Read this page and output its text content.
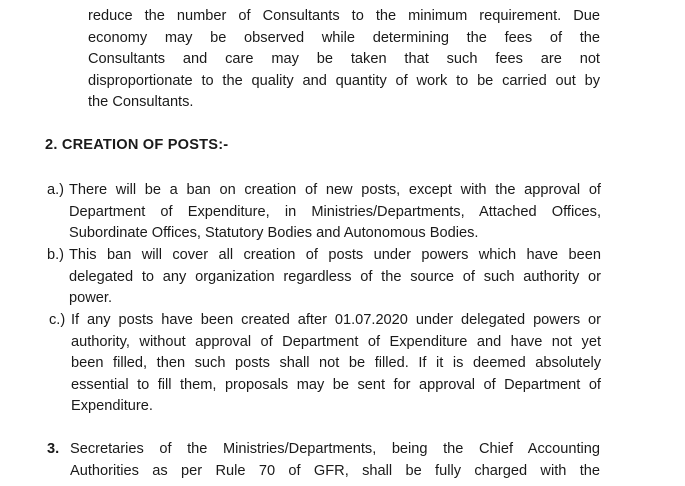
reduce the number of Consultants to the minimum requirement. Due
economy may be observed while determining the fees of the
Consultants and care may be taken that such fees are not
disproportionate to the quality and quantity of work to be carried out by
the Consultants.
2. CREATION OF POSTS:-
a.) There will be a ban on creation of new posts, except with the approval of
Department of Expenditure, in Ministries/Departments, Attached Offices,
Subordinate Offices, Statutory Bodies and Autonomous Bodies.
b.) This ban will cover all creation of posts under powers which have been
delegated to any organization regardless of the source of such authority or
power.
c.) If any posts have been created after 01.07.2020 under delegated powers or
authority, without approval of Department of Expenditure and have not yet
been filled, then such posts shall not be filled. If it is deemed absolutely
essential to fill them, proposals may be sent for approval of Department of
Expenditure.
3. Secretaries of the Ministries/Departments, being the Chief Accounting
Authorities as per Rule 70 of GFR, shall be fully charged with the
